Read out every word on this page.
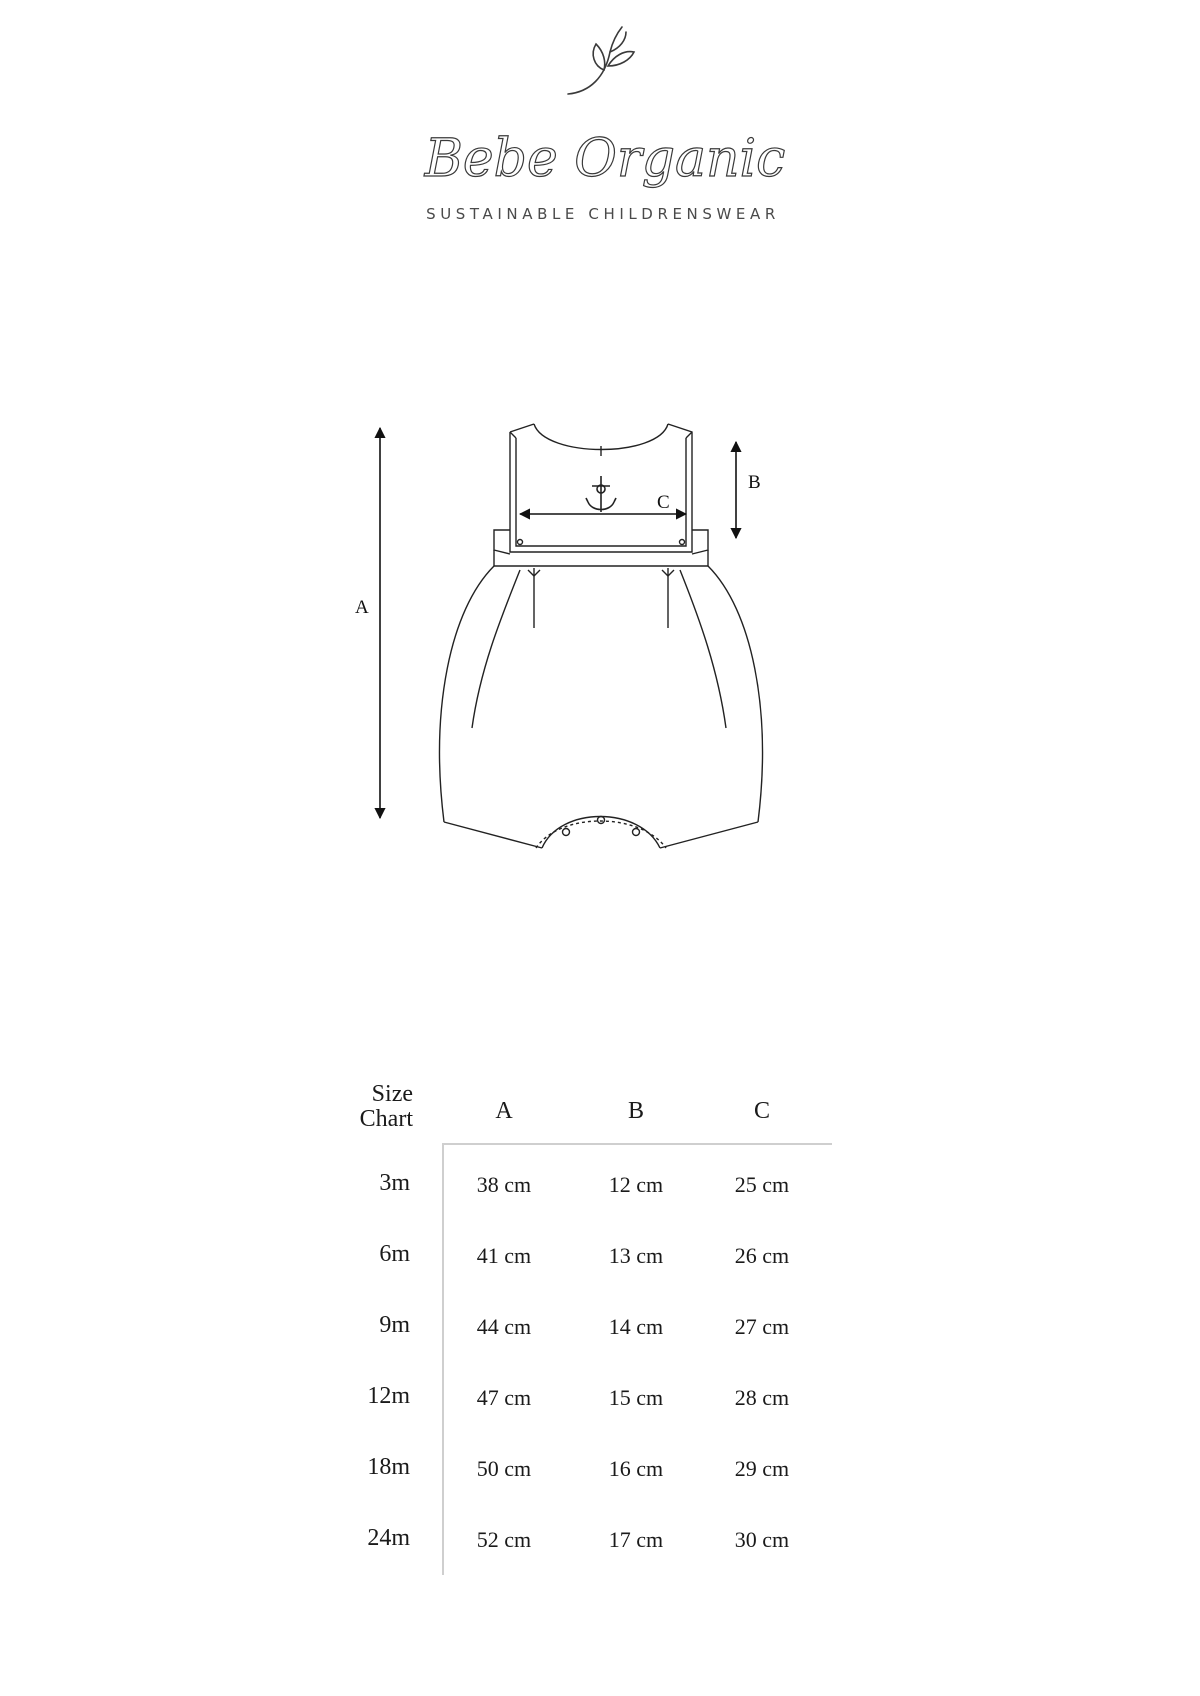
Bebe Organic
SUSTAINABLE CHILDRENSWEAR
A
B
C
Size
Chart	A	B	C
3m	38 cm	12 cm	25 cm
6m	41 cm	13 cm	26 cm
9m	44 cm	14 cm	27 cm
12m	47 cm	15 cm	28 cm
18m	50 cm	16 cm	29 cm
24m	52 cm	17 cm	30 cm
